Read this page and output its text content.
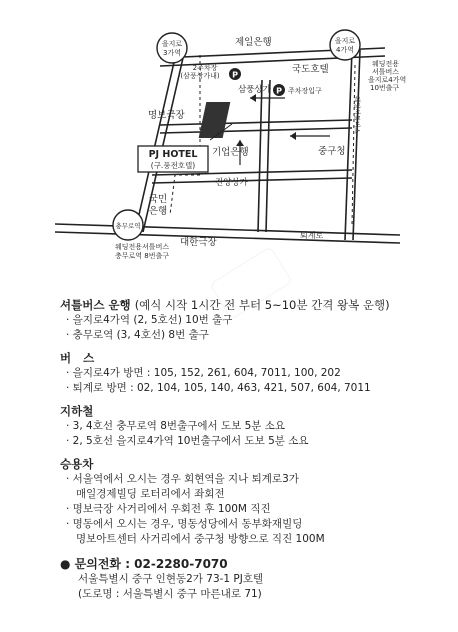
을지로
3가역
을지로
4가역
충무로역
P
P
제일은행
2주차장
(삼풍상가내)
삼풍상가
국도호텔
주차장입구
웨딩전용
셔틀버스
을지로4가역
10번출구
웨딩셔틀버스
명보극장
PJ HOTEL
(구.풍전호텔)
기업은행	중구청
진양상가
국민
은행
대한극장
퇴계로
웨딩전용셔틀버스
충무로역 8번출구
셔틀버스 운행 (예식 시작 1시간 전 부터 5~10분 간격 왕복 운행)
· 을지로4가역 (2, 5호선) 10번 출구
· 충무로역 (3, 4호선) 8번 출구
버   스
· 을지로4가 방면 : 105, 152, 261, 604, 7011, 100, 202
· 퇴계로 방면 : 02, 104, 105, 140, 463, 421, 507, 604, 7011
지하철
· 3, 4호선 충무로역 8번출구에서 도보 5분 소요
· 2, 5호선 을지로4가역 10번출구에서 도보 5분 소요
승용차
· 서울역에서 오시는 경우 회현역을 지나 퇴계로3가
매일경제빌딩 로터리에서 좌회전
· 명보극장 사거리에서 우회전 후 100M 직진
· 명동에서 오시는 경우, 명동성당에서 동부화재빌딩
명보아트센터 사거리에서 중구청 방향으로 직진 100M
● 문의전화 : 02-2280-7070
서울특별시 중구 인현동2가 73-1 PJ호텔
(도로명 : 서울특별시 중구 마른내로 71)
